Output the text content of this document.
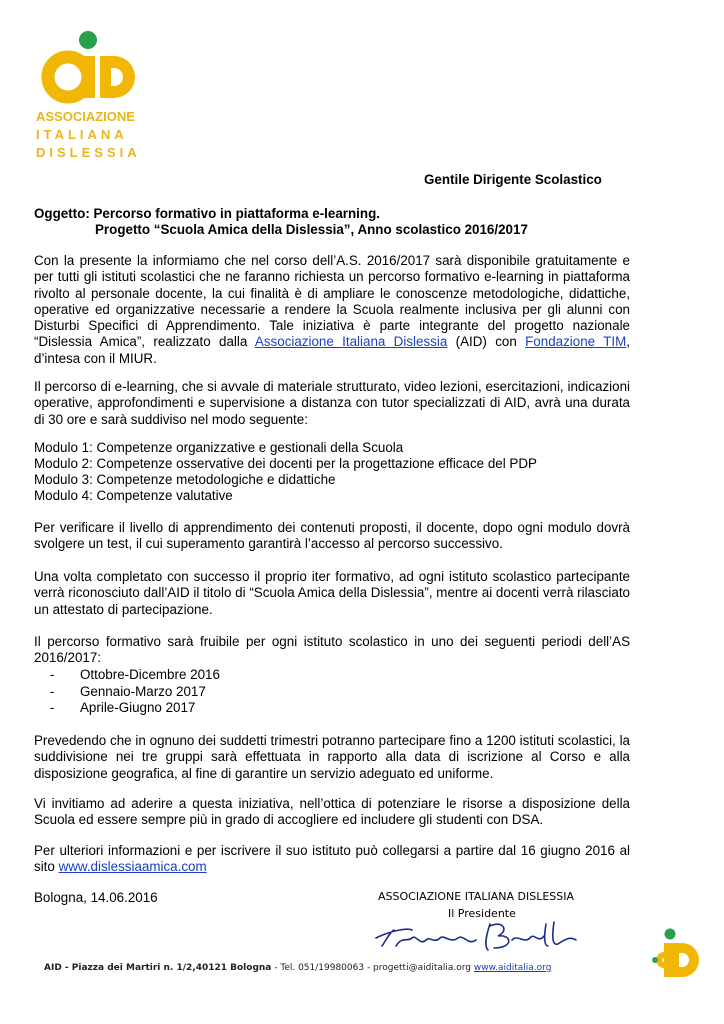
ASSOCIAZIONE
ITALIANA
DISLESSIA
Gentile Dirigente Scolastico
Oggetto: Percorso formativo in piattaforma e-learning.
Progetto “Scuola Amica della Dislessia”, Anno scolastico 2016/2017
Con la presente la informiamo che nel corso dell’A.S. 2016/2017 sarà disponibile gratuitamente e per tutti gli istituti scolastici che ne faranno richiesta un percorso formativo e-learning in piattaforma rivolto al personale docente, la cui finalità è di ampliare le conoscenze metodologiche, didattiche, operative ed organizzative necessarie a rendere la Scuola realmente inclusiva per gli alunni con Disturbi Specifici di Apprendimento. Tale iniziativa è parte integrante del progetto nazionale “Dislessia Amica”, realizzato dalla Associazione Italiana Dislessia (AID) con Fondazione TIM, d’intesa con il MIUR.
Il percorso di e-learning, che si avvale di materiale strutturato, video lezioni, esercitazioni, indicazioni operative, approfondimenti e supervisione a distanza con tutor specializzati di AID, avrà una durata di 30 ore e sarà suddiviso nel modo seguente:
Modulo 1: Competenze organizzative e gestionali della Scuola
Modulo 2: Competenze osservative dei docenti per la progettazione efficace del PDP
Modulo 3: Competenze metodologiche e didattiche
Modulo 4: Competenze valutative
Per verificare il livello di apprendimento dei contenuti proposti, il docente, dopo ogni modulo dovrà svolgere un test, il cui superamento garantirà l’accesso al percorso successivo.
Una volta completato con successo il proprio iter formativo, ad ogni istituto scolastico partecipante verrà riconosciuto dall’AID il titolo di “Scuola Amica della Dislessia”, mentre ai docenti verrà rilasciato un attestato di partecipazione.
Il percorso formativo sarà fruibile per ogni istituto scolastico in uno dei seguenti periodi dell’AS 2016/2017:
- Ottobre-Dicembre 2016
- Gennaio-Marzo 2017
- Aprile-Giugno 2017
Prevedendo che in ognuno dei suddetti trimestri potranno partecipare fino a 1200 istituti scolastici, la suddivisione nei tre gruppi sarà effettuata in rapporto alla data di iscrizione al Corso e alla disposizione geografica, al fine di garantire un servizio adeguato ed uniforme.
Vi invitiamo ad aderire a questa iniziativa, nell’ottica di potenziare le risorse a disposizione della Scuola ed essere sempre più in grado di accogliere ed includere gli studenti con DSA.
Per ulteriori informazioni e per iscrivere il suo istituto può collegarsi a partire dal 16 giugno 2016 al sito www.dislessiaamica.com
Bologna, 14.06.2016	ASSOCIAZIONE ITALIANA DISLESSIA
Il Presidente
AID - Piazza dei Martiri n. 1/2,40121 Bologna - Tel. 051/19980063 - progetti@aiditalia.org www.aiditalia.org
